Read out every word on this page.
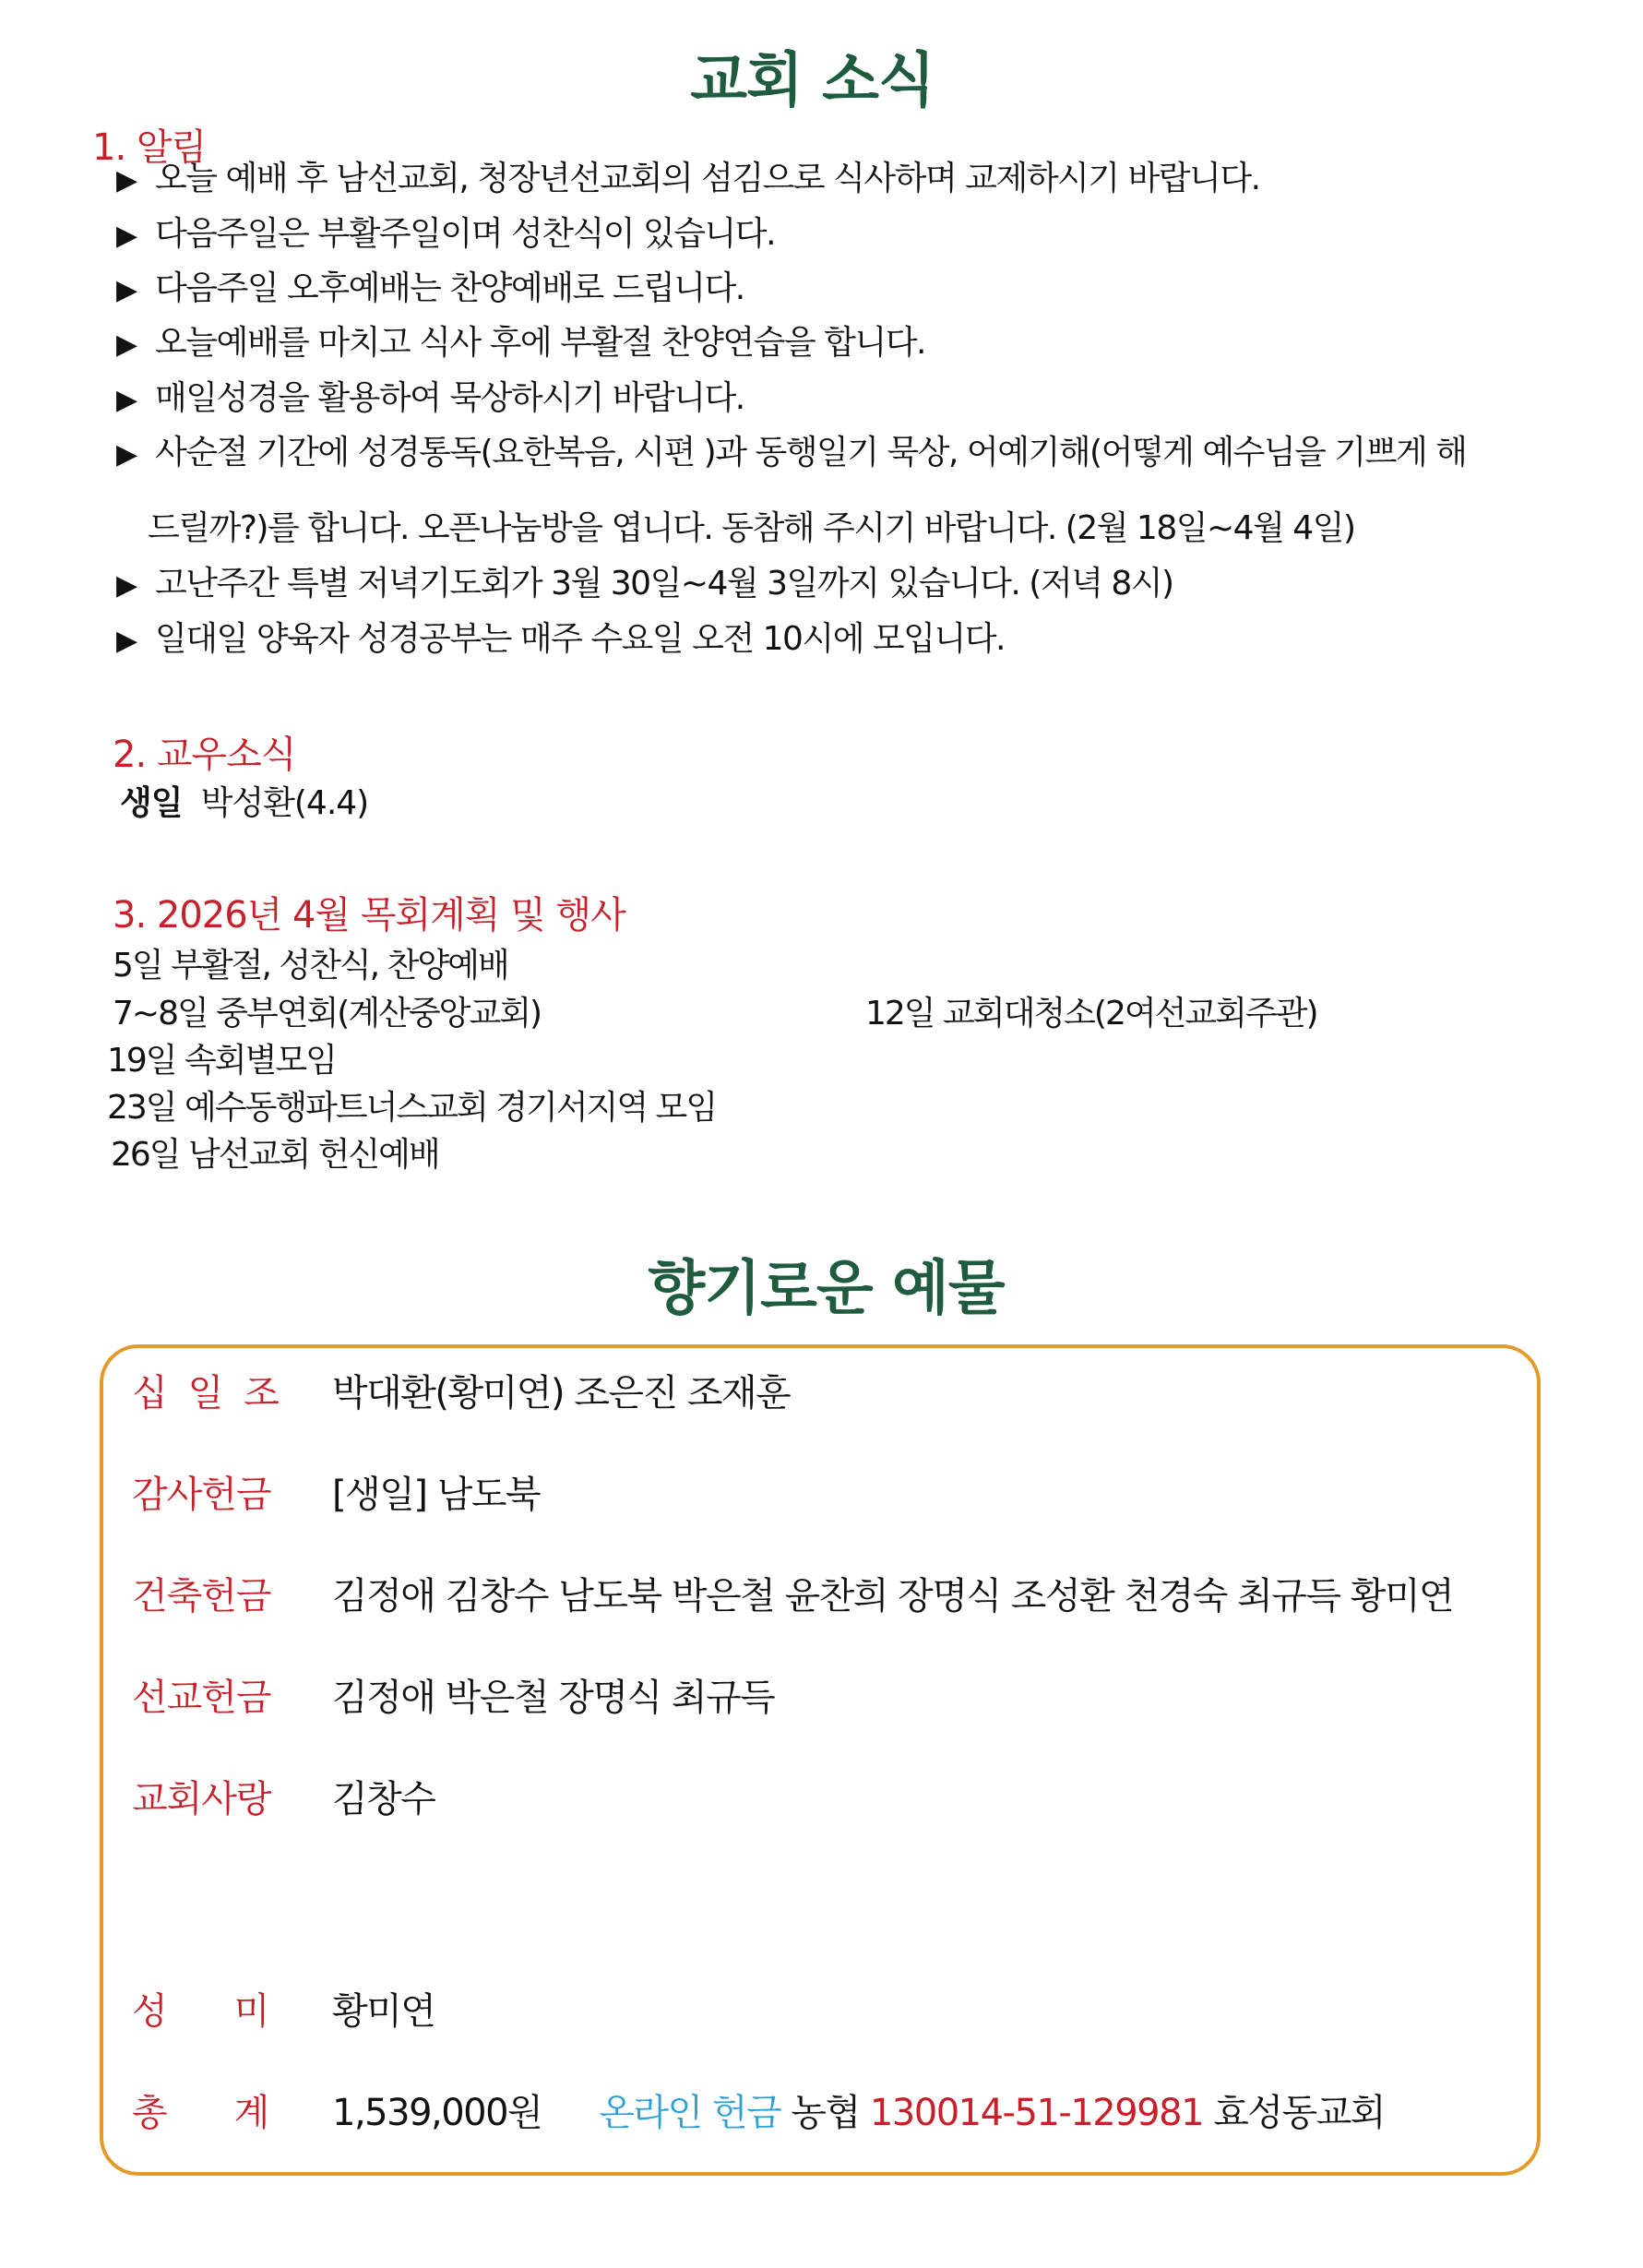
교회 소식
1. 알림
▶ 오늘 예배 후 남선교회, 청장년선교회의 섬김으로 식사하며 교제하시기 바랍니다.
▶ 다음주일은 부활주일이며 성찬식이 있습니다.
▶ 다음주일 오후예배는 찬양예배로 드립니다.
▶ 오늘예배를 마치고 식사 후에 부활절 찬양연습을 합니다.
▶ 매일성경을 활용하여 묵상하시기 바랍니다.
▶ 사순절 기간에 성경통독(요한복음, 시편 )과 동행일기 묵상, 어예기해(어떻게 예수님을 기쁘게 해
드릴까?)를 합니다. 오픈나눔방을 엽니다. 동참해 주시기 바랍니다. (2월 18일~4월 4일)
▶ 고난주간 특별 저녁기도회가 3월 30일~4월 3일까지 있습니다. (저녁 8시)
▶ 일대일 양육자 성경공부는 매주 수요일 오전 10시에 모입니다.
2. 교우소식
생일 박성환(4.4)
3. 2026년 4월 목회계획 및 행사
5일 부활절, 성찬식, 찬양예배
7~8일 중부연회(계산중앙교회)	12일 교회대청소(2여선교회주관)
19일 속회별모임
23일 예수동행파트너스교회 경기서지역 모임
26일 남선교회 헌신예배
향기로운 예물
십일조 박대환(황미연) 조은진 조재훈
감사헌금 [생일] 남도북
건축헌금 김정애 김창수 남도북 박은철 윤찬희 장명식 조성환 천경숙 최규득 황미연
선교헌금 김정애 박은철 장명식 최규득
교회사랑 김창수
성미
황미연
총계
1,539,000원 온라인 헌금 농협 130014-51-129981 효성동교회
